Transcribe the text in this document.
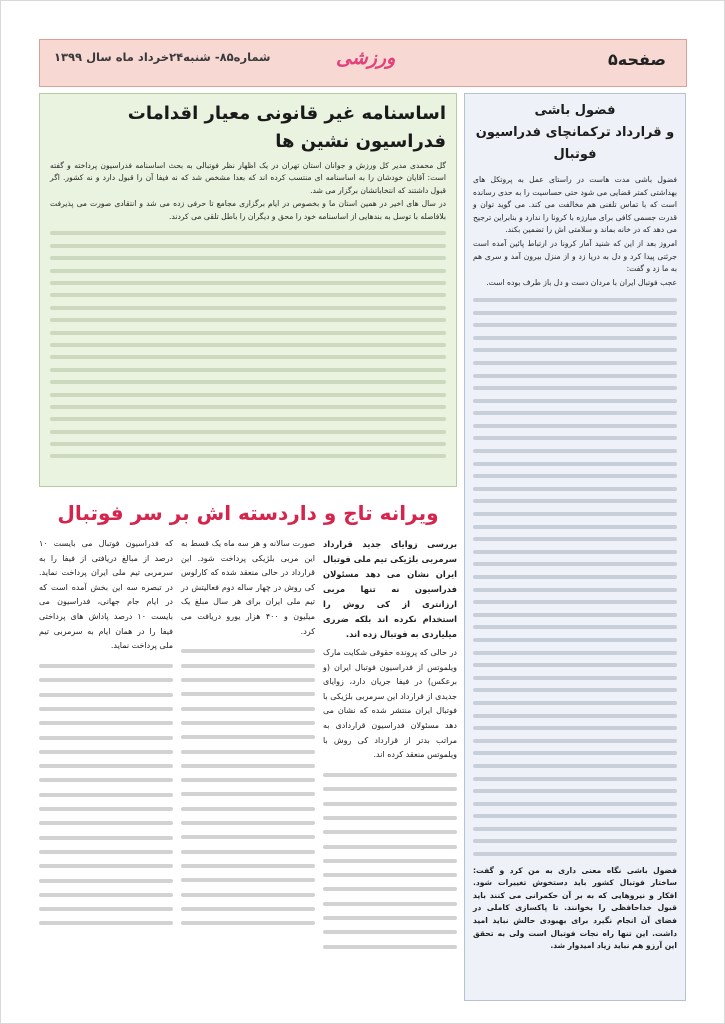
شماره۸۵- شنبه۲۴خرداد ماه سال ۱۳۹۹	ورزشی	صفحه۵
فضول باشی
و قرارداد ترکمانچای فدراسیون فوتبال

فضول باشی مدت هاست در راستای عمل به پروتکل های بهداشتی کمتر قضایی می شود حتی حساسیت را به حدی رسانده است که با تماس تلفنی هم مخالفت می کند. می گوید توان و قدرت جسمی کافی برای مبارزه با کرونا را ندارد و بنابراین ترجیح می دهد که در خانه بماند و سلامتی اش را تضمین بکند.

امروز بعد از این که شنید آمار کرونا در ارتباط پائین آمده است جرئتی پیدا کرد و دل به دریا زد و از منزل بیرون آمد و سری هم به ما زد و گفت:

عجب فوتبال ایران با مردان دست و دل باز طرف بوده است.

فضول باشی نگاه معنی داری به من کرد و گفت: ساختار فوتبال کشور باید دستخوش تغییرات شود. افکار و نیروهایی که به بر آن حکمرانی می کنند باید قبول خداحافظی را بخوانند. تا پاکسازی کاملی در فضای آن انجام نگیرد برای بهبودی حالش نباید امید داشت. این تنها راه نجات فوتبال است ولی به تحقق این آرزو هم نباید زیاد امیدوار شد.

اساسنامه غیر قانونی معیار اقدامات فدراسیون نشین ها

گل محمدی مدیر کل ورزش و جوانان استان تهران در یک اظهار نظر فوتبالی به بحث اساسنامه فدراسیون پرداخته و گفته است: آقایان خودشان را به اساسنامه ای منتسب کرده اند که بعدا مشخص شد که نه فیفا آن را قبول دارد و نه کشور. اگر قبول داشتند که انتخاباتشان برگزار می شد.

در سال های اخیر در همین استان ما و بخصوص در ایام برگزاری مجامع تا حرفی زده می شد و انتقادی صورت می پذیرفت بلافاصله با توسل به بندهایی از اساسنامه خود را محق و دیگران را باطل تلقی می کردند.

ویرانه تاج و داردسته اش بر سر فوتبال
بررسی زوایای جدید قرارداد سرمربی بلژیکی تیم ملی فوتبال ایران نشان می دهد مسئولان فدراسیون نه تنها مربی ارزانتری از کی روش را استخدام نکرده اند بلکه ضرری میلیاردی به فوتبال زده اند.
در حالی که پرونده حقوقی شکایت مارک ویلموتس از فدراسیون فوتبال ایران (و برعکس) در فیفا جریان دارد، زوایای جدیدی از قرارداد این سرمربی بلژیکی با فوتبال ایران منتشر شده که نشان می دهد مسئولان فدراسیون قراردادی به مراتب بدتر از قرارداد کی روش با ویلموتس منعقد کرده اند.
صورت سالانه و هر سه ماه یک قسط به این مربی بلژیکی پرداخت شود. این قرارداد در حالی منعقد شده که کارلوس کی روش در چهار ساله دوم فعالیتش در تیم ملی ایران برای هر سال مبلغ یک میلیون و ۴۰۰ هزار یورو دریافت می کرد.
که فدراسیون فوتبال می بایست ۱۰ درصد از مبالغ دریافتی از فیفا را به سرمربی تیم ملی ایران پرداخت نماید. در تبصره سه این بخش آمده است که در ایام جام جهانی، فدراسیون می بایست ۱۰ درصد پاداش های پرداختی فیفا را در همان ایام به سرمربی تیم ملی پرداخت نماید.
